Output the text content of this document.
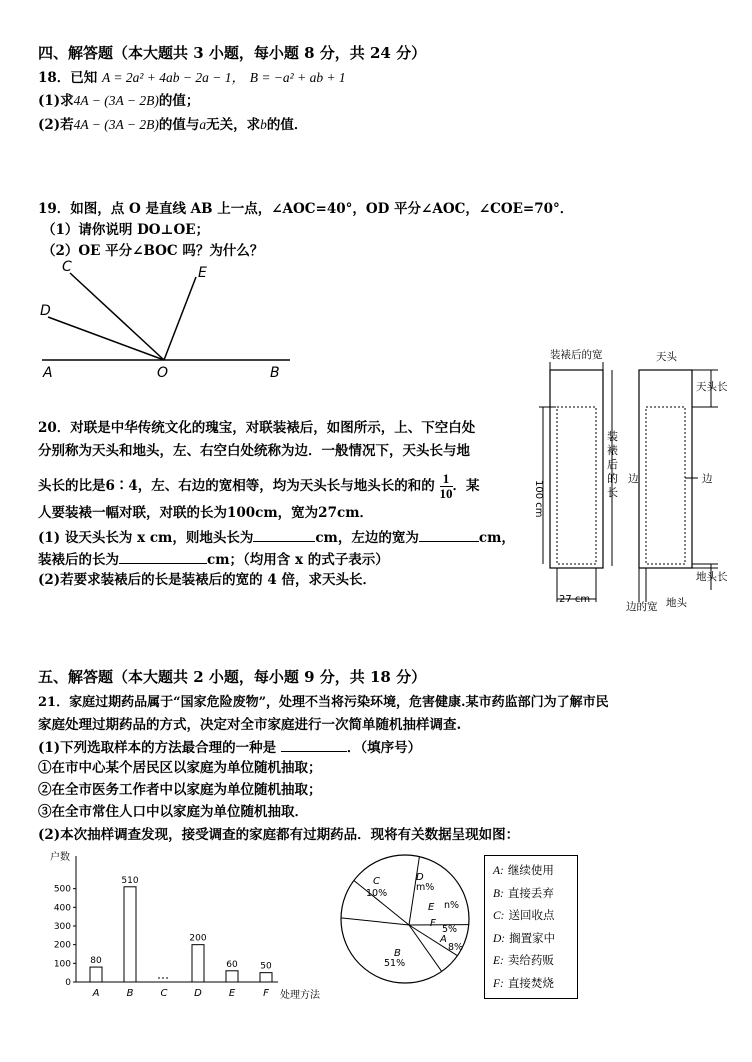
四、解答题（本大题共 3 小题，每小题 8 分，共 24 分）
18．已知 A = 2a² + 4ab − 2a − 1， B = −a² + ab + 1
(1)求4A − (3A − 2B)的值；
(2)若4A − (3A − 2B)的值与a无关，求b的值．
19．如图，点 O 是直线 AB 上一点，∠AOC=40°，OD 平分∠AOC，∠COE=70°．
（1）请你说明 DO⊥OE；
（2）OE 平分∠BOC 吗？为什么？
C	E
D
A	O	B
20．对联是中华传统文化的瑰宝，对联装裱后，如图所示，上、下空白处
分别称为天头和地头，左、右空白处统称为边．一般情况下，天头长与地
头长的比是6∶4，左、右边的宽相等，均为天头长与地头长的和的 $\frac{1}{10}$ ．某
人要装裱一幅对联，对联的长为100cm，宽为27cm．
(1) 设天头长为 x cm，则地头长为	cm，左边的宽为	cm，
装裱后的长为	cm；（均用含 x 的式子表示）
(2)若要求装裱后的长是装裱后的宽的 4 倍，求天头长．
装裱后的宽
100 cm
27 cm
装裱后的长
天头
天头长
边	边
地头长
边的宽 地头
五、解答题（本大题共 2 小题，每小题 9 分，共 18 分）
21．家庭过期药品属于“国家危险废物”，处理不当将污染环境，危害健康.某市药监部门为了解市民
家庭处理过期药品的方式，决定对全市家庭进行一次简单随机抽样调查.
(1)下列选取样本的方法最合理的一种是	．（填序号）
①在市中心某个居民区以家庭为单位随机抽取；
②在全市医务工作者中以家庭为单位随机抽取；
③在全市常住人口中以家庭为单位随机抽取．
(2)本次抽样调查发现，接受调查的家庭都有过期药品．现将有关数据呈现如图：
户数
处理方法
0
100
200
300
400
500
80
A
510
B	C
200
D
60
E
50
F
D
m%
C
10%
B
51%
A
8%
F
5%
E n%
A: 继续使用
B: 直接丢弃
C: 送回收点
D: 搁置家中
E: 卖给药贩
F: 直接焚烧
